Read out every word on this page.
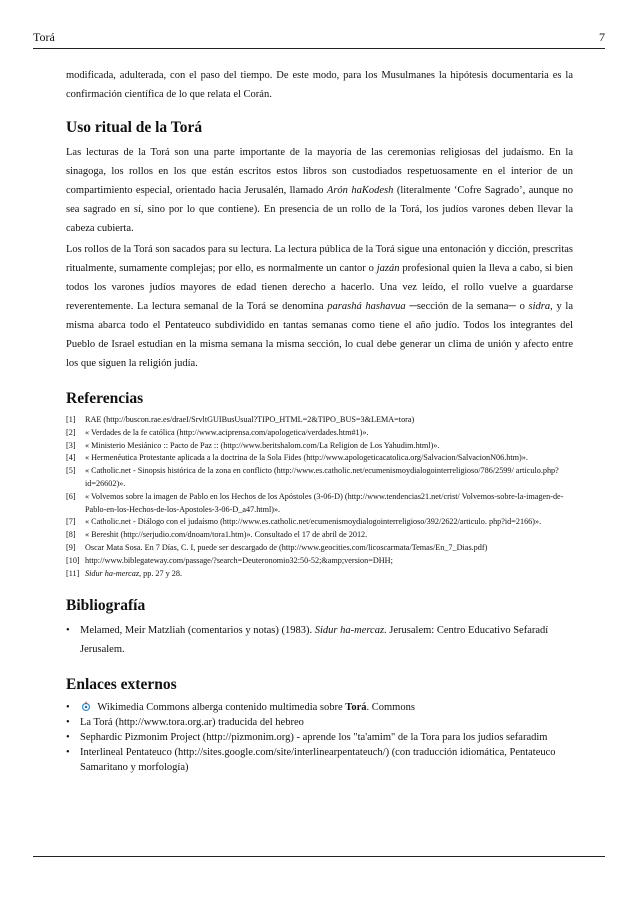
Torá	7

modificada, adulterada, con el paso del tiempo. De este modo, para los Musulmanes la hipótesis documentaria es la confirmación científica de lo que relata el Corán.

Uso ritual de la Torá

Las lecturas de la Torá son una parte importante de la mayoría de las ceremonias religiosas del judaísmo. En la sinagoga, los rollos en los que están escritos estos libros son custodiados respetuosamente en el interior de un compartimiento especial, orientado hacia Jerusalén, llamado Arón haKodesh (literalmente ‘Cofre Sagrado’, aunque no sea sagrado en sí, sino por lo que contiene). En presencia de un rollo de la Torá, los judíos varones deben llevar la cabeza cubierta.

Los rollos de la Torá son sacados para su lectura. La lectura pública de la Torá sigue una entonación y dicción, prescritas ritualmente, sumamente complejas; por ello, es normalmente un cantor o jazán profesional quien la lleva a cabo, si bien todos los varones judíos mayores de edad tienen derecho a hacerlo. Una vez leído, el rollo vuelve a guardarse reverentemente. La lectura semanal de la Torá se denomina parashá hashavua ─sección de la semana─ o sidra, y la misma abarca todo el Pentateuco subdividido en tantas semanas como tiene el año judío. Todos los integrantes del Pueblo de Israel estudian en la misma semana la misma sección, lo cual debe generar un clima de unión y afecto entre los que siguen la religión judía.

Referencias
[1]	RAE (http://buscon.rae.es/draeI/SrvltGUIBusUsual?TIPO_HTML=2&TIPO_BUS=3&LEMA=tora)
[2]	« Verdades de la fe católica (http://www.aciprensa.com/apologetica/verdades.htm#1)».
[3]	« Ministerio Mesiánico :: Pacto de Paz :: (http://www.beritshalom.com/La Religion de Los Yahudim.html)».
[4]	« Hermenéutica Protestante aplicada a la doctrina de la Sola Fides (http://www.apologeticacatolica.org/Salvacion/SalvacionN06.htm)».
[5]	« Catholic.net - Sinopsis histórica de la zona en conflicto (http://www.es.catholic.net/ecumenismoydialogointerreligioso/786/2599/ articulo.php?id=26602)».
[6]	« Volvemos sobre la imagen de Pablo en los Hechos de los Apóstoles (3-06-D) (http://www.tendencias21.net/crist/ Volvemos-sobre-la-imagen-de-Pablo-en-los-Hechos-de-los-Apostoles-3-06-D_a47.html)».
[7]	« Catholic.net - Diálogo con el judaísmo (http://www.es.catholic.net/ecumenismoydialogointerreligioso/392/2622/articulo. php?id=2166)».
[8]	« Bereshit (http://serjudio.com/dnoam/tora1.htm)». Consultado el 17 de abril de 2012.
[9]	Oscar Mata Sosa. En 7 Días, C. I, puede ser descargado de (http://www.geocities.com/licoscarmata/Temas/En_7_Dias.pdf)
[10] http://www.biblegateway.com/passage/?search=Deuteronomio32:50-52;&amp;version=DHH;
[11] Sidur ha-mercaz, pp. 27 y 28.
Bibliografía
• Melamed, Meir Matzliah (comentarios y notas) (1983). Sidur ha-mercaz. Jerusalem: Centro Educativo Sefaradí Jerusalem.
Enlaces externos
• Wikimedia Commons alberga contenido multimedia sobre Torá. Commons
• La Torá (http://www.tora.org.ar) traducida del hebreo
• Sephardic Pizmonim Project (http://pizmonim.org) - aprende los "ta'amim" de la Tora para los judios sefaradim
• Interlineal Pentateuco (http://sites.google.com/site/interlinearpentateuch/) (con traducción idiomática, Pentateuco Samaritano y morfología)
